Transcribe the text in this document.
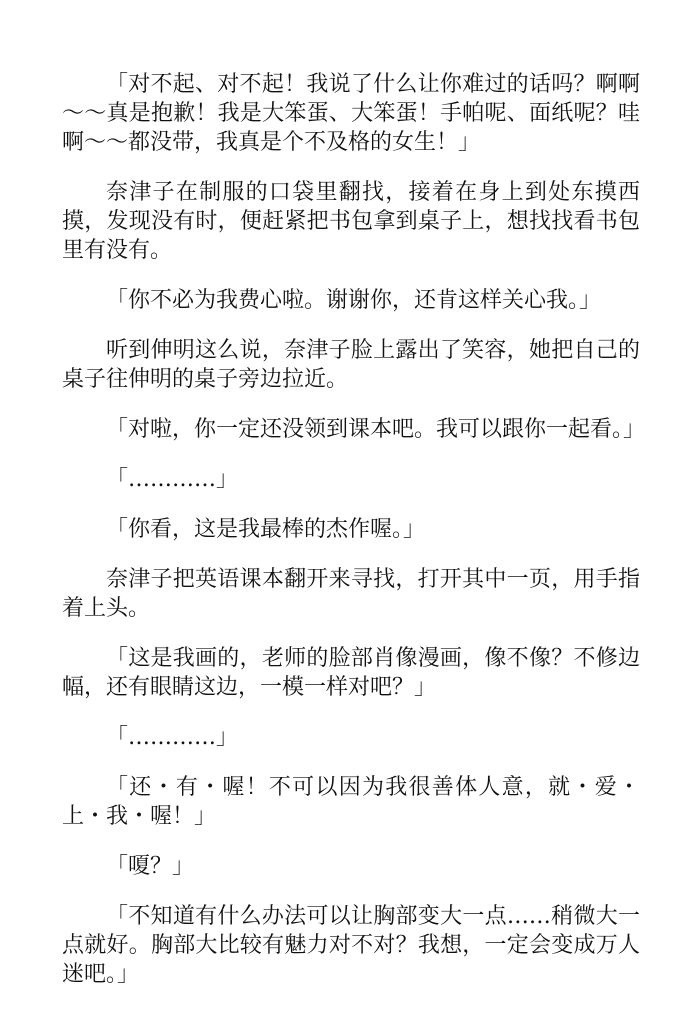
「对不起、对不起！我说了什么让你难过的话吗？啊啊～～真是抱歉！我是大笨蛋、大笨蛋！手帕呢、面纸呢？哇啊～～都没带，我真是个不及格的女生！」

奈津子在制服的口袋里翻找，接着在身上到处东摸西摸，发现没有时，便赶紧把书包拿到桌子上，想找找看书包里有没有。

「你不必为我费心啦。谢谢你，还肯这样关心我。」

听到伸明这么说，奈津子脸上露出了笑容，她把自己的桌子往伸明的桌子旁边拉近。

「对啦，你一定还没领到课本吧。我可以跟你一起看。」

「…………」

「你看，这是我最棒的杰作喔。」

奈津子把英语课本翻开来寻找，打开其中一页，用手指着上头。

「这是我画的，老师的脸部肖像漫画，像不像？不修边幅，还有眼睛这边，一模一样对吧？」

「…………」

「还・有・喔！不可以因为我很善体人意，就・爱・上・我・喔！」

「嗄？」

「不知道有什么办法可以让胸部变大一点……稍微大一点就好。胸部大比较有魅力对不对？我想，一定会变成万人迷吧。」
